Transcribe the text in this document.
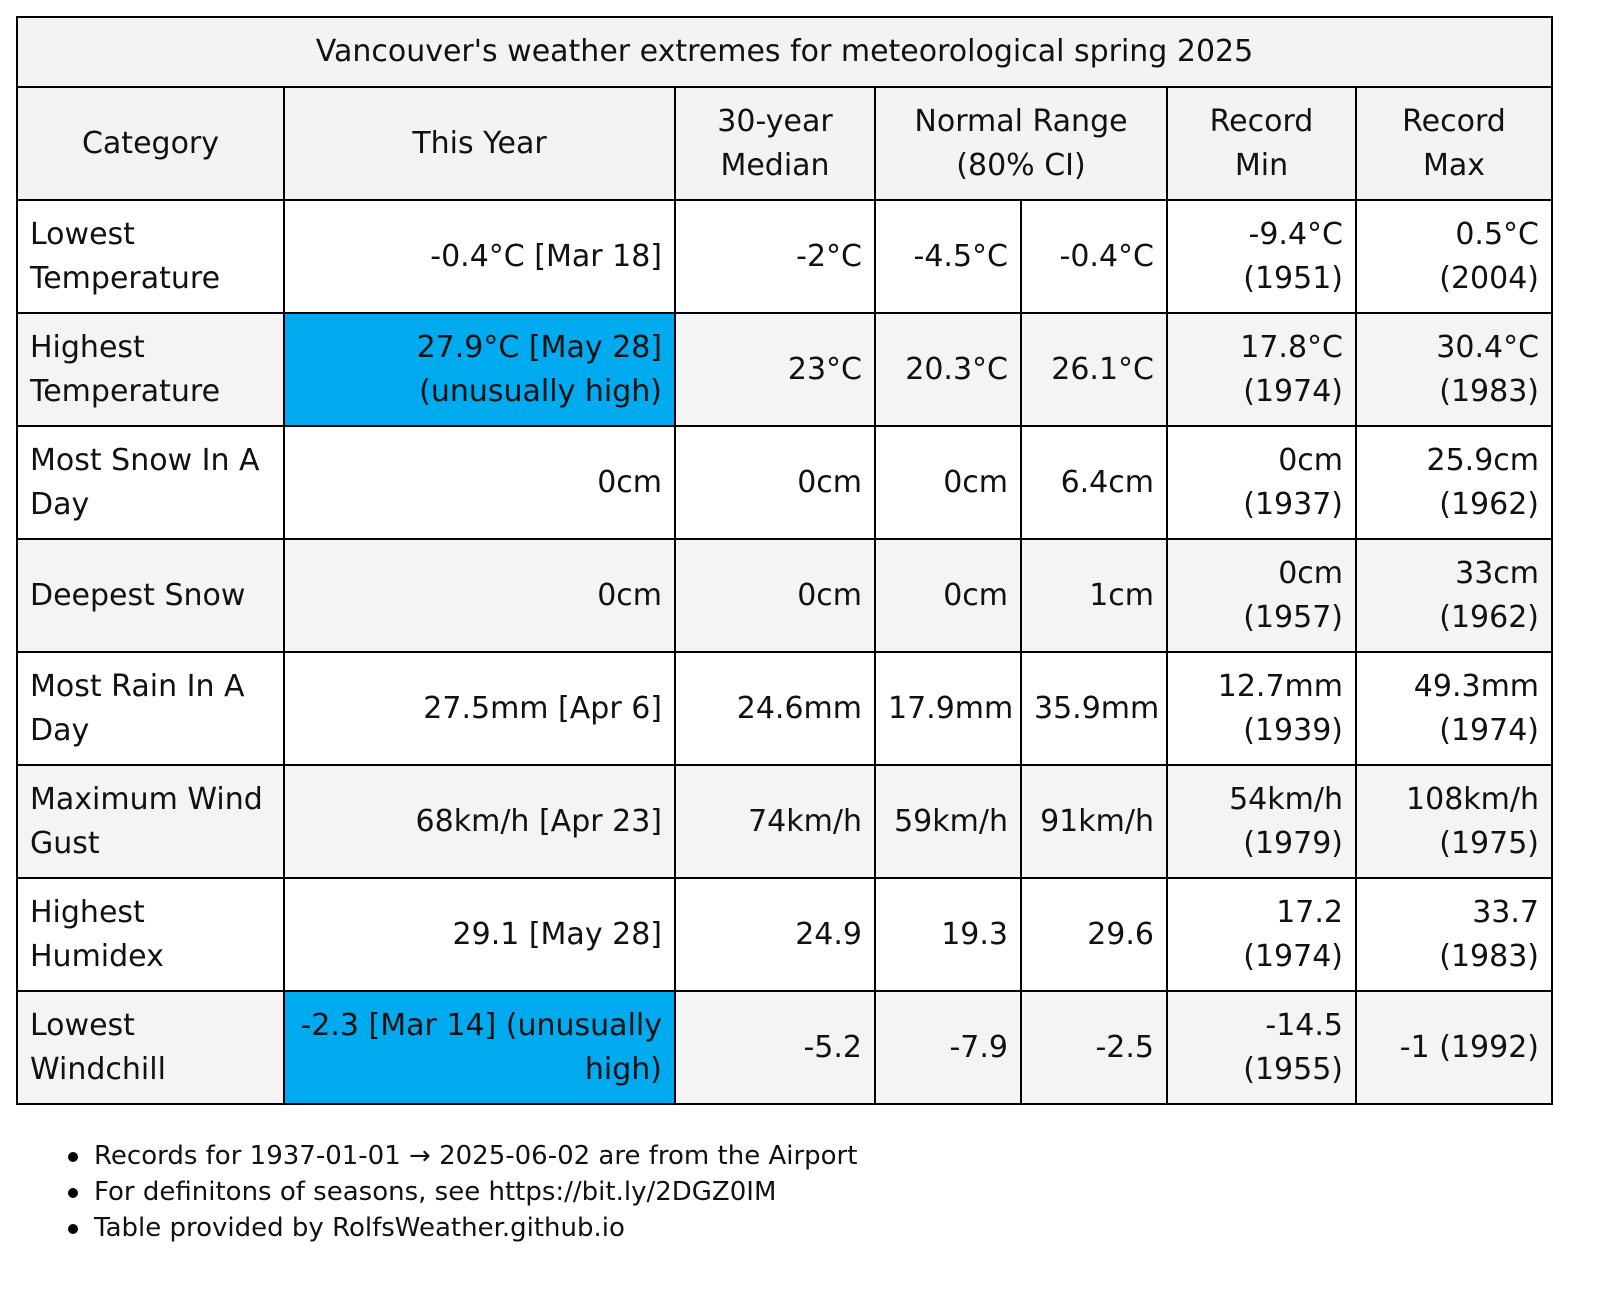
Vancouver's weather extremes for meteorological spring 2025						
Category	This Year	30-year Median	Normal Range (80% CI)		Record Min	Record Max
Lowest Temperature	-0.4°C [Mar 18]	-2°C	-4.5°C	-0.4°C	-9.4°C (1951)	0.5°C (2004)
Highest Temperature	27.9°C [May 28] (unusually high)	23°C	20.3°C	26.1°C	17.8°C (1974)	30.4°C (1983)
Most Snow In A Day	0cm	0cm	0cm	6.4cm	0cm (1937)	25.9cm (1962)
Deepest Snow	0cm	0cm	0cm	1cm	0cm (1957)	33cm (1962)
Most Rain In A Day	27.5mm [Apr 6]	24.6mm	17.9mm	35.9mm	12.7mm (1939)	49.3mm (1974)
Maximum Wind Gust	68km/h [Apr 23]	74km/h	59km/h	91km/h	54km/h (1979)	108km/h (1975)
Highest Humidex	29.1 [May 28]	24.9	19.3	29.6	17.2 (1974)	33.7 (1983)
Lowest Windchill	-2.3 [Mar 14] (unusually high)	-5.2	-7.9	-2.5	-14.5 (1955)	-1 (1992)
Records for 1937-01-01 → 2025-06-02 are from the Airport
For definitons of seasons, see https://bit.ly/2DGZ0IM
Table provided by RolfsWeather.github.io
